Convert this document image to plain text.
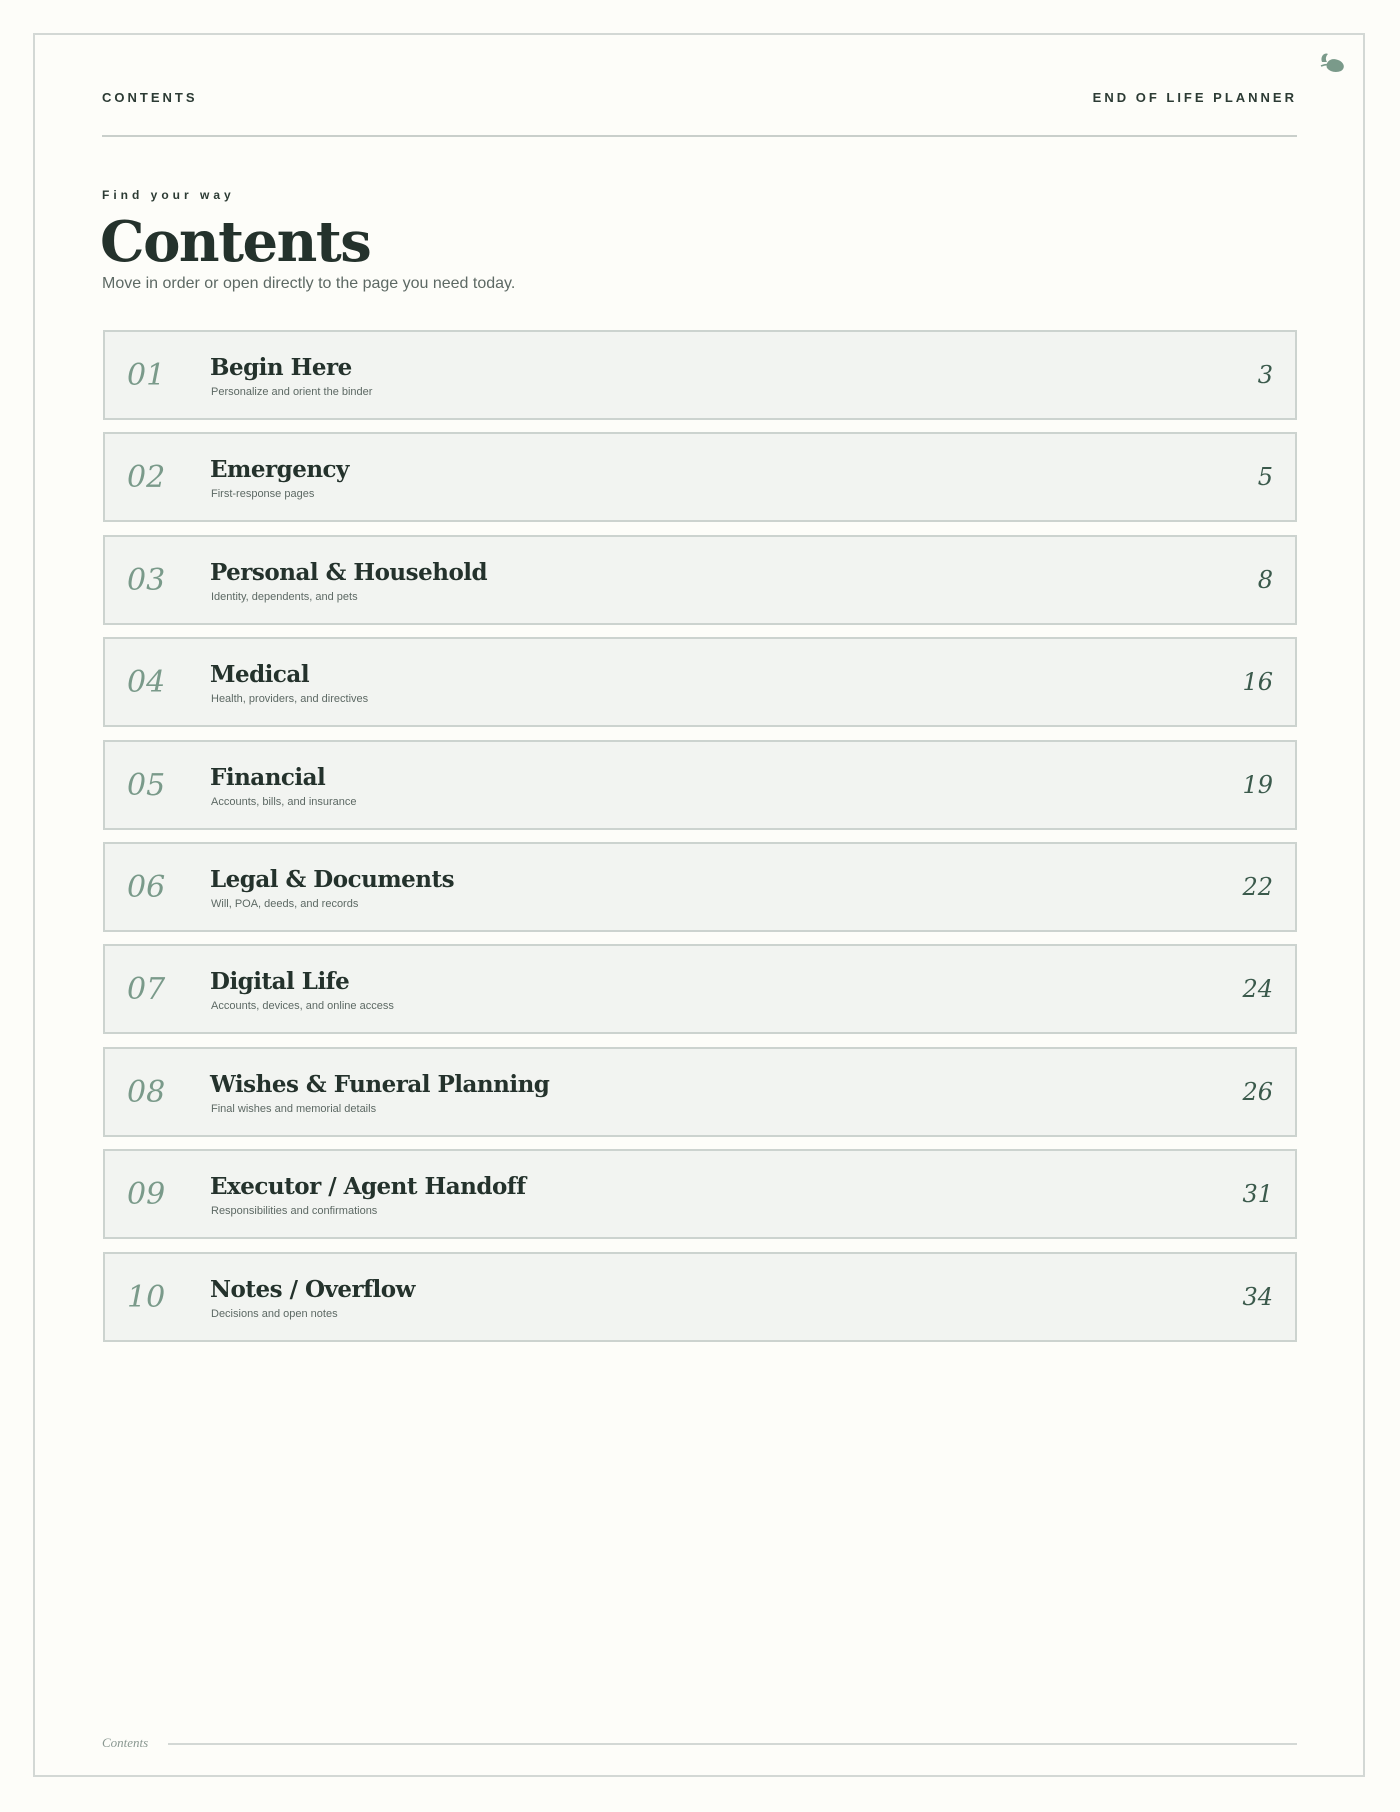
CONTENTS	END OF LIFE PLANNER
Find your way
Contents
Move in order or open directly to the page you need today.
01 Begin Here
Personalize and orient the binder
3
02 Emergency
First-response pages
5
03 Personal & Household
Identity, dependents, and pets
8
04 Medical
Health, providers, and directives
16
05 Financial
Accounts, bills, and insurance
19
06 Legal & Documents
Will, POA, deeds, and records
22
07 Digital Life
Accounts, devices, and online access
24
08 Wishes & Funeral Planning
Final wishes and memorial details
26
09 Executor / Agent Handoff
Responsibilities and confirmations
31
10 Notes / Overflow
Decisions and open notes
34
Contents
